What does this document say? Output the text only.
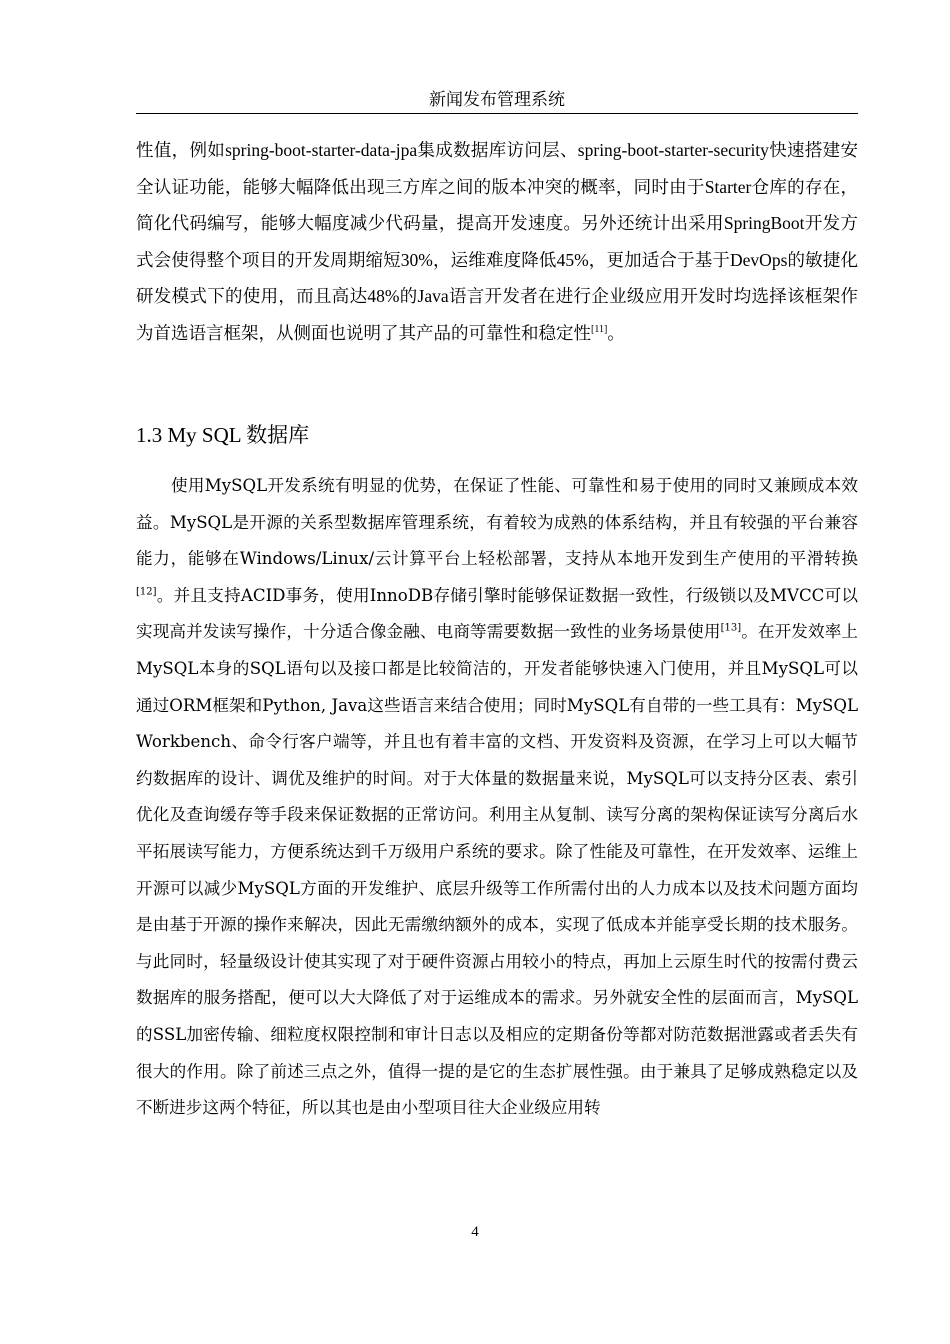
新闻发布管理系统

性值，例如spring-boot-starter-data-jpa集成数据库访问层、spring-boot-starter-security快速搭建安全认证功能，能够大幅降低出现三方库之间的版本冲突的概率，同时由于Starter仓库的存在，简化代码编写，能够大幅度减少代码量，提高开发速度。另外还统计出采用SpringBoot开发方式会使得整个项目的开发周期缩短30%，运维难度降低45%，更加适合于基于DevOps的敏捷化研发模式下的使用，而且高达48%的Java语言开发者在进行企业级应用开发时均选择该框架作为首选语言框架，从侧面也说明了其产品的可靠性和稳定性[11]。

1.3 My SQL 数据库

使用MySQL开发系统有明显的优势，在保证了性能、可靠性和易于使用的同时又兼顾成本效益。MySQL是开源的关系型数据库管理系统，有着较为成熟的体系结构，并且有较强的平台兼容能力，能够在Windows/Linux/云计算平台上轻松部署，支持从本地开发到生产使用的平滑转换[12]。并且支持ACID事务，使用InnoDB存储引擎时能够保证数据一致性，行级锁以及MVCC可以实现高并发读写操作，十分适合像金融、电商等需要数据一致性的业务场景使用[13]。在开发效率上MySQL本身的SQL语句以及接口都是比较简洁的，开发者能够快速入门使用，并且MySQL可以通过ORM框架和Python, Java这些语言来结合使用；同时MySQL有自带的一些工具有：MySQL Workbench、命令行客户端等，并且也有着丰富的文档、开发资料及资源，在学习上可以大幅节约数据库的设计、调优及维护的时间。对于大体量的数据量来说，MySQL可以支持分区表、索引优化及查询缓存等手段来保证数据的正常访问。利用主从复制、读写分离的架构保证读写分离后水平拓展读写能力，方便系统达到千万级用户系统的要求。除了性能及可靠性，在开发效率、运维上开源可以减少MySQL方面的开发维护、底层升级等工作所需付出的人力成本以及技术问题方面均是由基于开源的操作来解决，因此无需缴纳额外的成本，实现了低成本并能享受长期的技术服务。与此同时，轻量级设计使其实现了对于硬件资源占用较小的特点，再加上云原生时代的按需付费云数据库的服务搭配，便可以大大降低了对于运维成本的需求。另外就安全性的层面而言，MySQL的SSL加密传输、细粒度权限控制和审计日志以及相应的定期备份等都对防范数据泄露或者丢失有很大的作用。除了前述三点之外，值得一提的是它的生态扩展性强。由于兼具了足够成熟稳定以及不断进步这两个特征，所以其也是由小型项目往大企业级应用转

4
